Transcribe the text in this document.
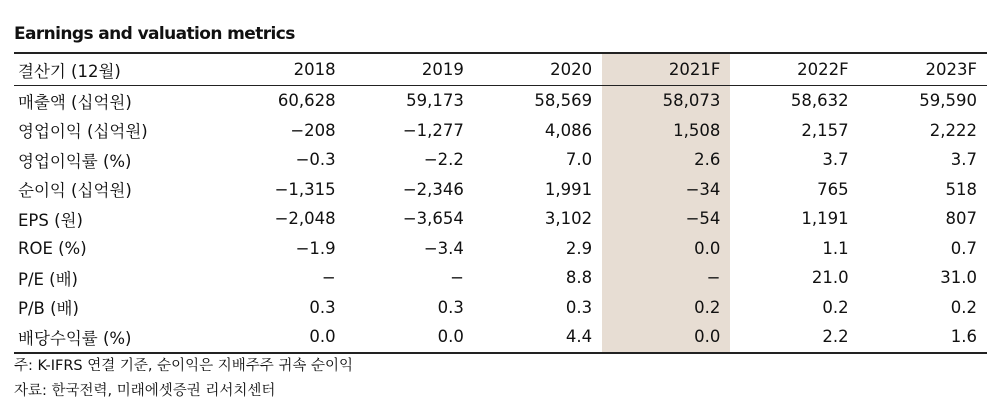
Earnings and valuation metrics
결산기 (12월)	2018	2019	2020	2021F	2022F	2023F
매출액 (십억원)	60,628	59,173	58,569	58,073	58,632	59,590
영업이익 (십억원)	−208	−1,277	4,086	1,508	2,157	2,222
영업이익률 (%)	−0.3	−2.2	7.0	2.6	3.7	3.7
순이익 (십억원)	−1,315	−2,346	1,991	−34	765	518
EPS (원)	−2,048	−3,654	3,102	−54	1,191	807
ROE (%)	−1.9	−3.4	2.9	0.0	1.1	0.7
P/E (배)	−	−	8.8	−	21.0	31.0
P/B (배)	0.3	0.3	0.3	0.2	0.2	0.2
배당수익률 (%)	0.0	0.0	4.4	0.0	2.2	1.6
주: K-IFRS 연결 기준, 순이익은 지배주주 귀속 순이익
자료: 한국전력, 미래에셋증권 리서치센터
